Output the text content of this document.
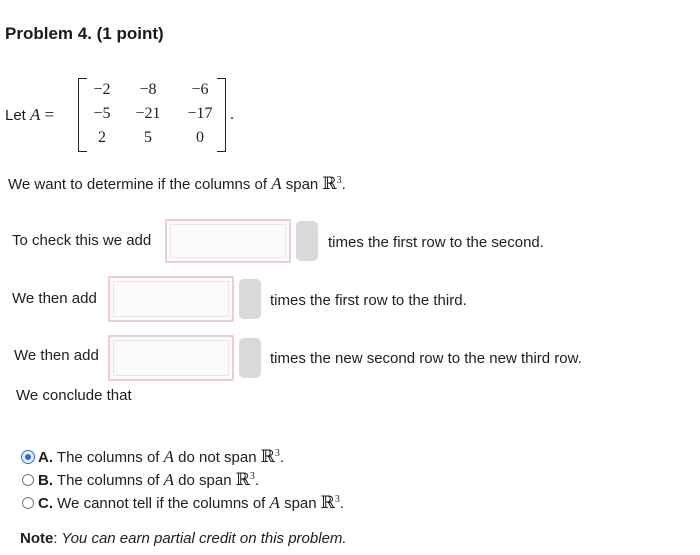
Problem 4. (1 point)
Let A =
−2	−8	−6
−5	−21	−17
2	5	0
.
We want to determine if the columns of A span ℝ$^3$.
To check this we add	times the first row to the second.
We then add	times the first row to the third.
We then add	times the new second row to the new third row.
We conclude that
A. The columns of A do not span ℝ$^3$.
B. The columns of A do span ℝ$^3$.
C. We cannot tell if the columns of A span ℝ$^3$.
Note: You can earn partial credit on this problem.
